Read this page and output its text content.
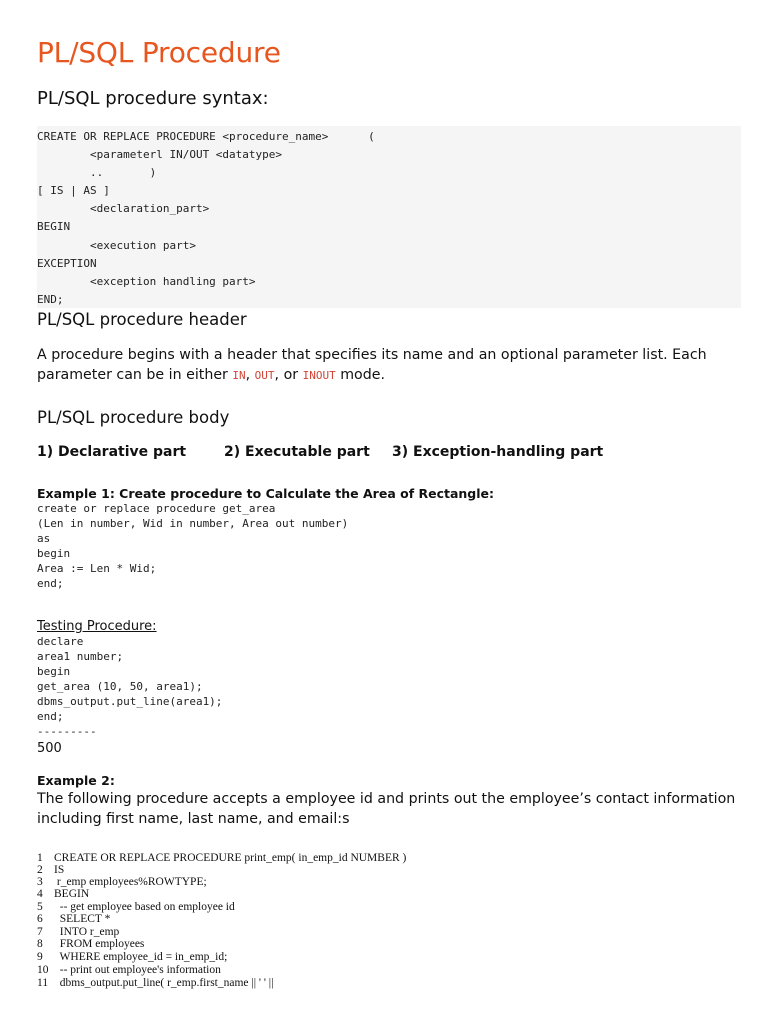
PL/SQL Procedure
PL/SQL procedure syntax:
CREATE OR REPLACE PROCEDURE <procedure_name>      (
<parameterl IN/OUT <datatype>
..       )
[ IS | AS ]
<declaration_part>
BEGIN
<execution part>
EXCEPTION
<exception handling part>
END;
PL/SQL procedure header

A procedure begins with a header that specifies its name and an optional parameter list. Each parameter can be in either IN, OUT, or INOUT mode.

PL/SQL procedure body
1) Declarative part	2) Executable part 3) Exception-handling part
Example 1: Create procedure to Calculate the Area of Rectangle:
create or replace procedure get_area
(Len in number, Wid in number, Area out number)
as
begin
Area := Len * Wid;
end;
Testing Procedure:
declare
area1 number;
begin
get_area (10, 50, area1);
dbms_output.put_line(area1);
end;
---------
500
Example 2:

The following procedure accepts a employee id and prints out the employee’s contact information including first name, last name, and email:s

1 CREATE OR REPLACE PROCEDURE print_emp( in_emp_id NUMBER )
2 IS
3 r_emp employees%ROWTYPE;
4 BEGIN
5  -- get employee based on employee id
6  SELECT *
7  INTO r_emp
8  FROM employees
9  WHERE employee_id = in_emp_id;
10  -- print out employee's information
11  dbms_output.put_line( r_emp.first_name || ' ' ||
